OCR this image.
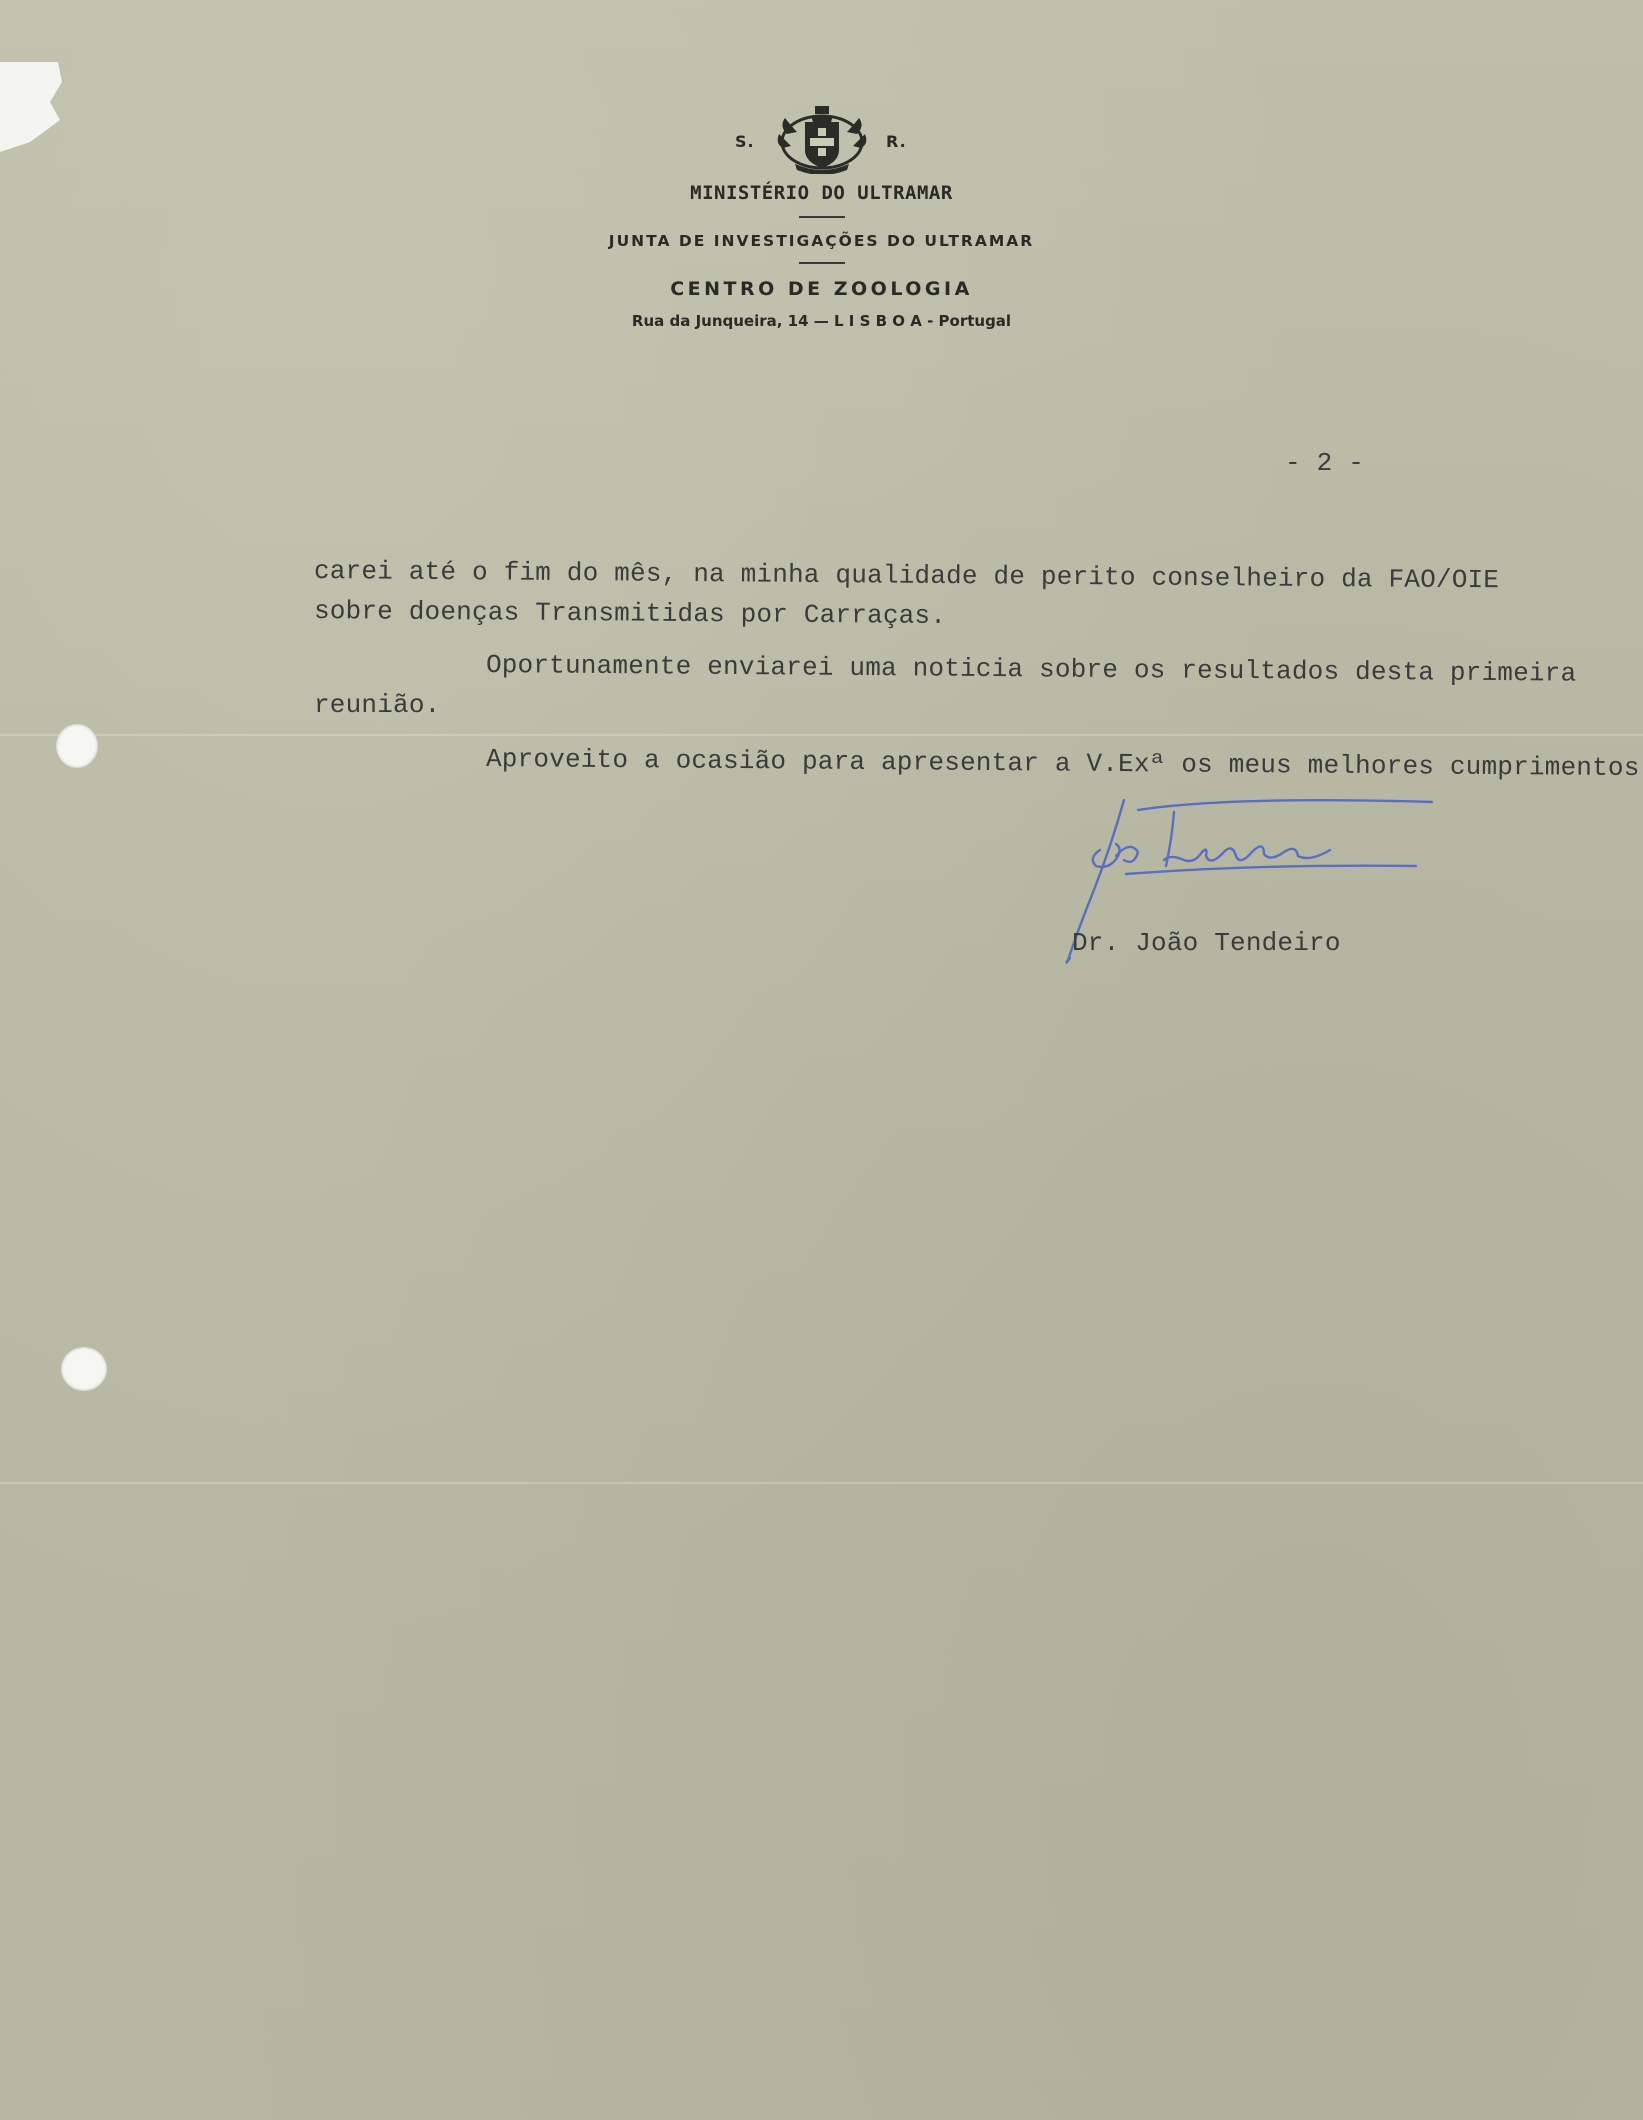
S.	R.
MINISTÉRIO DO ULTRAMAR
JUNTA DE INVESTIGAÇÕES DO ULTRAMAR
CENTRO DE ZOOLOGIA
Rua da Junqueira, 14 — L I S B O A - Portugal
- 2 -
carei até o fim do mês, na minha qualidade de perito conselheiro da FAO/OIE
sobre doenças Transmitidas por Carraças.
Oportunamente enviarei uma noticia sobre os resultados desta primeira
reunião.
Aproveito a ocasião para apresentar a V.Exª os meus melhores cumprimentos
Dr. João Tendeiro
